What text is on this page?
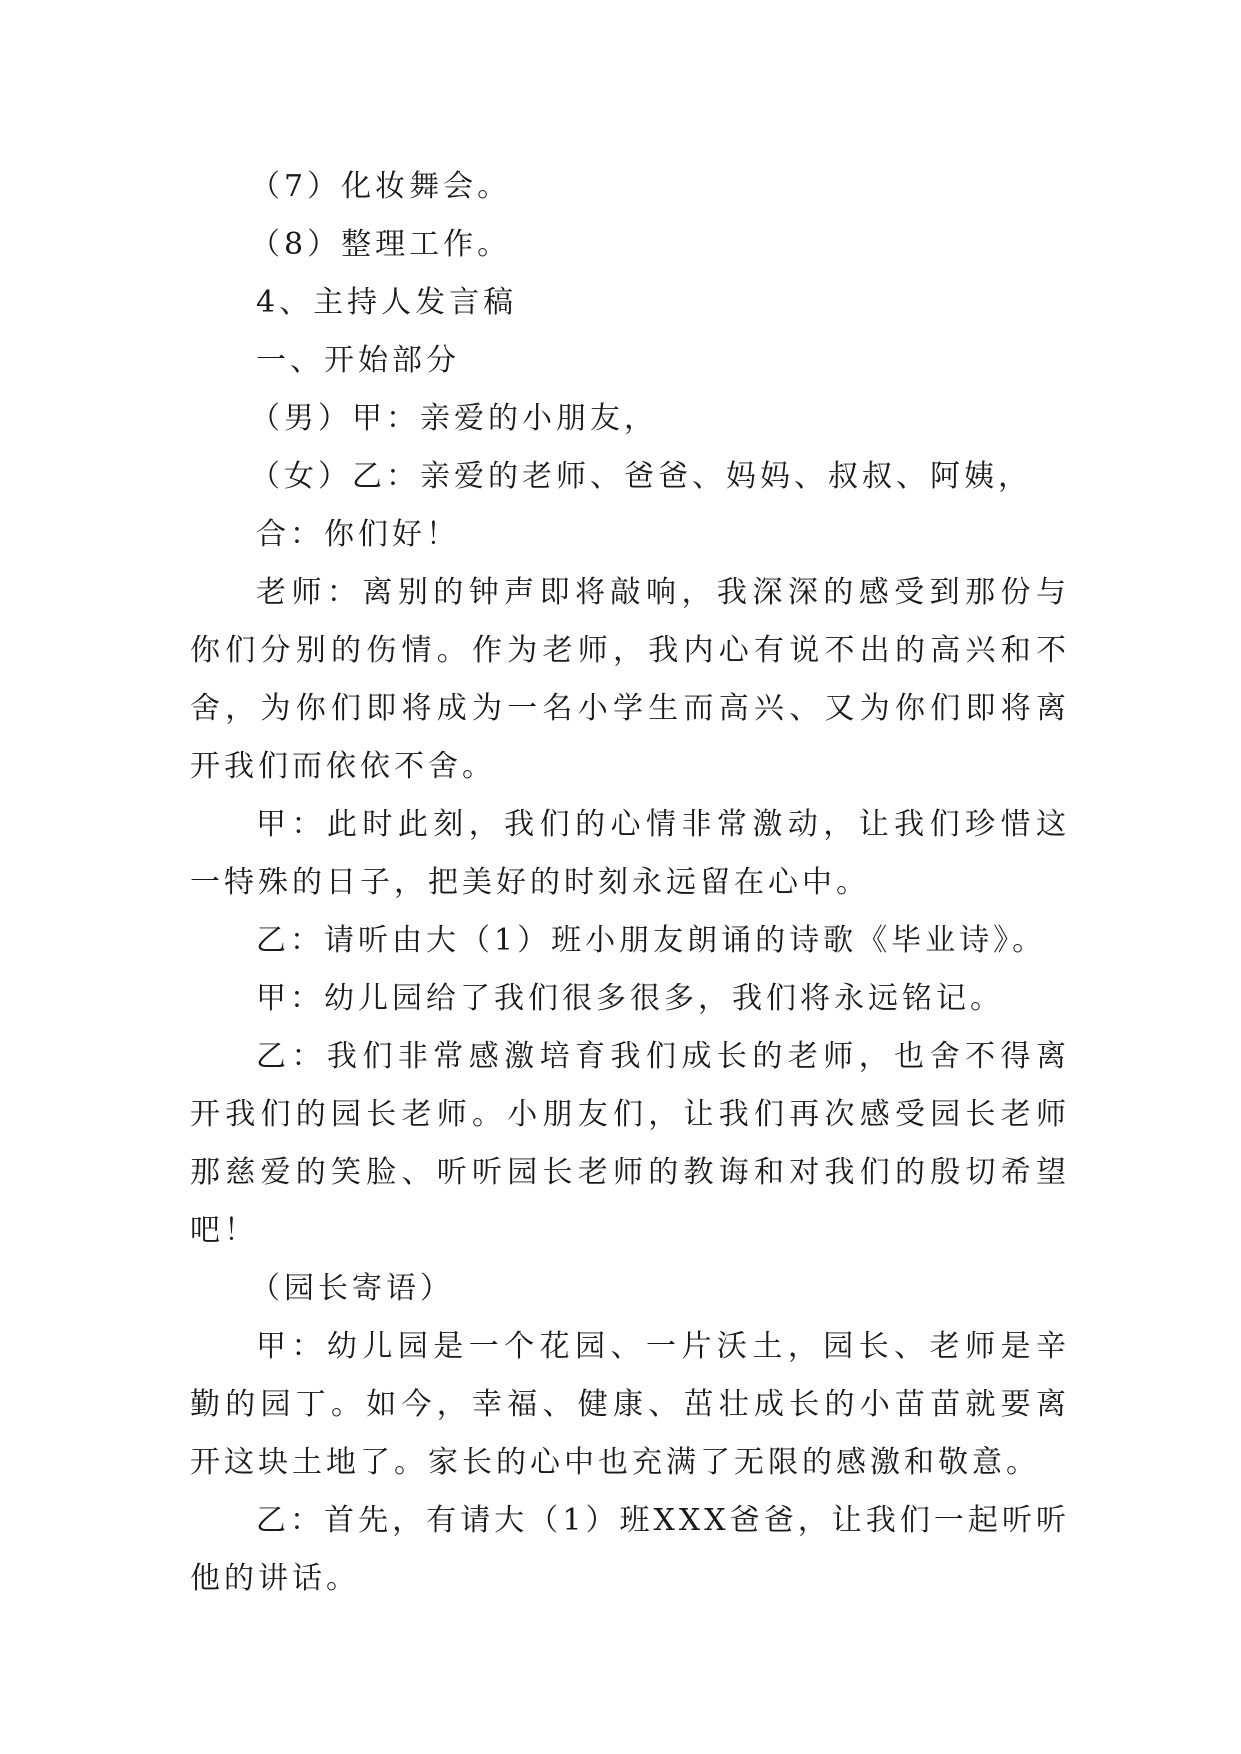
（7）化妆舞会。

（8）整理工作。

4、主持人发言稿

一、开始部分

（男）甲：亲爱的小朋友，

（女）乙：亲爱的老师、爸爸、妈妈、叔叔、阿姨，

合：你们好！

老师：离别的钟声即将敲响，我深深的感受到那份与你们分别的伤情。作为老师，我内心有说不出的高兴和不舍，为你们即将成为一名小学生而高兴、又为你们即将离开我们而依依不舍。

甲：此时此刻，我们的心情非常激动，让我们珍惜这一特殊的日子，把美好的时刻永远留在心中。

乙：请听由大（1）班小朋友朗诵的诗歌《毕业诗》。

甲：幼儿园给了我们很多很多，我们将永远铭记。

乙：我们非常感激培育我们成长的老师，也舍不得离开我们的园长老师。小朋友们，让我们再次感受园长老师那慈爱的笑脸、听听园长老师的教诲和对我们的殷切希望吧！

（园长寄语）

甲：幼儿园是一个花园、一片沃土，园长、老师是辛勤的园丁。如今，幸福、健康、茁壮成长的小苗苗就要离开这块土地了。家长的心中也充满了无限的感激和敬意。

乙：首先，有请大（1）班XXX爸爸，让我们一起听听他的讲话。
